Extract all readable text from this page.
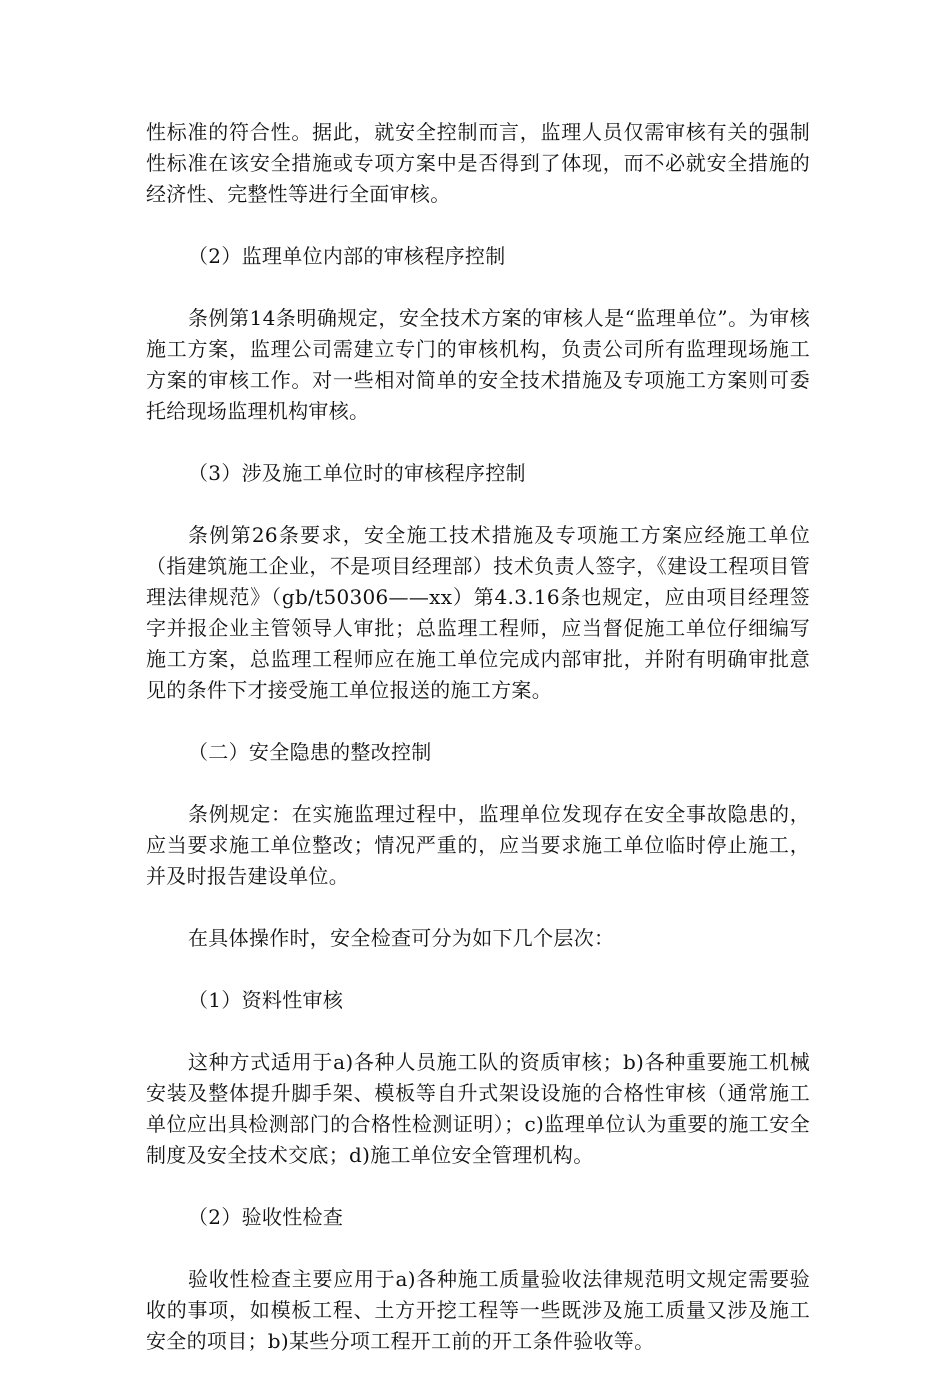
性标准的符合性。据此，就安全控制而言，监理人员仅需审核有关的强制性标准在该安全措施或专项方案中是否得到了体现，而不必就安全措施的经济性、完整性等进行全面审核。

（2）监理单位内部的审核程序控制

条例第14条明确规定，安全技术方案的审核人是“监理单位”。为审核施工方案，监理公司需建立专门的审核机构，负责公司所有监理现场施工方案的审核工作。对一些相对简单的安全技术措施及专项施工方案则可委托给现场监理机构审核。

（3）涉及施工单位时的审核程序控制

条例第26条要求，安全施工技术措施及专项施工方案应经施工单位（指建筑施工企业，不是项目经理部）技术负责人签字，《建设工程项目管理法律规范》（gb/t50306——xx）第4.3.16条也规定，应由项目经理签字并报企业主管领导人审批；总监理工程师，应当督促施工单位仔细编写施工方案，总监理工程师应在施工单位完成内部审批，并附有明确审批意见的条件下才接受施工单位报送的施工方案。

（二）安全隐患的整改控制

条例规定：在实施监理过程中，监理单位发现存在安全事故隐患的，应当要求施工单位整改；情况严重的，应当要求施工单位临时停止施工，并及时报告建设单位。

在具体操作时，安全检查可分为如下几个层次：

（1）资料性审核

这种方式适用于a)各种人员施工队的资质审核；b)各种重要施工机械安装及整体提升脚手架、模板等自升式架设设施的合格性审核（通常施工单位应出具检测部门的合格性检测证明）；c)监理单位认为重要的施工安全制度及安全技术交底；d)施工单位安全管理机构。

（2）验收性检查

验收性检查主要应用于a)各种施工质量验收法律规范明文规定需要验收的事项，如模板工程、土方开挖工程等一些既涉及施工质量又涉及施工安全的项目；b)某些分项工程开工前的开工条件验收等。
